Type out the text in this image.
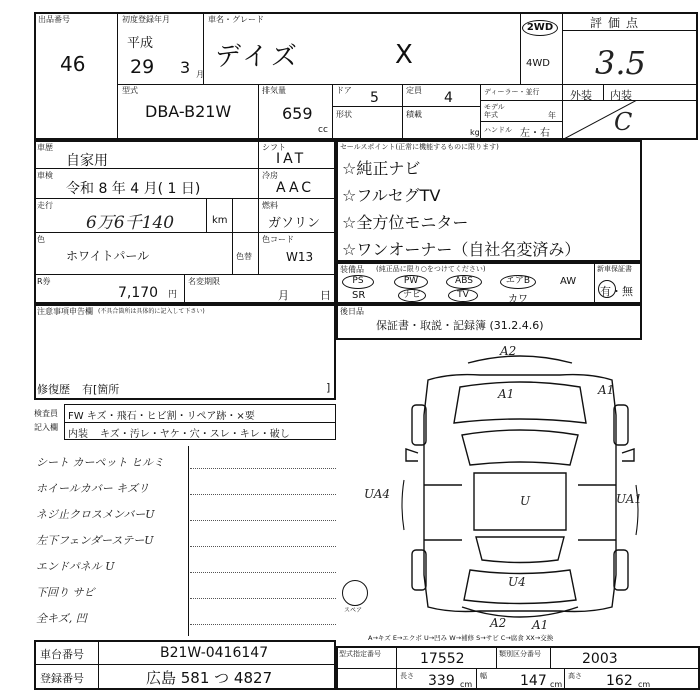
出品番号
46
初度登録年月
平成
29 3 月
車名・グレード
デイズ	X
2WD
4WD
評価点
3.5
外装 内装
C
型式
DBA-B21W
排気量
659
cc
ドア 5	定員 4
形状	積載
kg
ディーラー・並行
モデル年式	年
ハンドル 左・右
車歴
自家用
シフト
IAT
車検
令和 8 年 4 月( 1 日)
冷房
AAC
走行
6万6千140	km
燃料
ガソリン
色
ホワイトパール	色替
色コード
W13
R券
7,170 円
名変期限
月	日
注意事項申告欄 (不具合箇所は具体的に記入して下さい)
修復歴 有[箇所	]
検査員
記入欄
FW キズ・飛石・ヒビ割・リペア跡・×要
内装 キズ・汚レ・ヤケ・穴・スレ・キレ・破し
シート カーペット ヒルミ
ホイールカバー キズリ
ネジ止クロスメンバーU
左下フェンダーステーU
エンドパネル U
下回り サビ
全キズ, 凹
セールスポイント(正常に機能するものに限ります)
☆純正ナビ
☆フルセグTV
☆全方位モニター
☆ワンオーナー（自社名変済み）
装備品 (純正品に限り○をつけてください)
PS	PW	ABS	エアB	AW
SR	ナビ	TV	カワ
新車保証書
有・無
後日品
保証書・取説・記録簿 (31.2.4.6)
A2
A1	A1
UA4	U	UA1
U4
A2 A1
スペア
A→キズ E→エクボ U→凹み W→補修 S→サビ C→腐食 XX→交換
車台番号	B21W-0416147
登録番号	広島 581 つ 4827
型式指定番号	17552	類別区分番号	2003
長さ 339 cm
幅 147 cm
高さ 162 cm
